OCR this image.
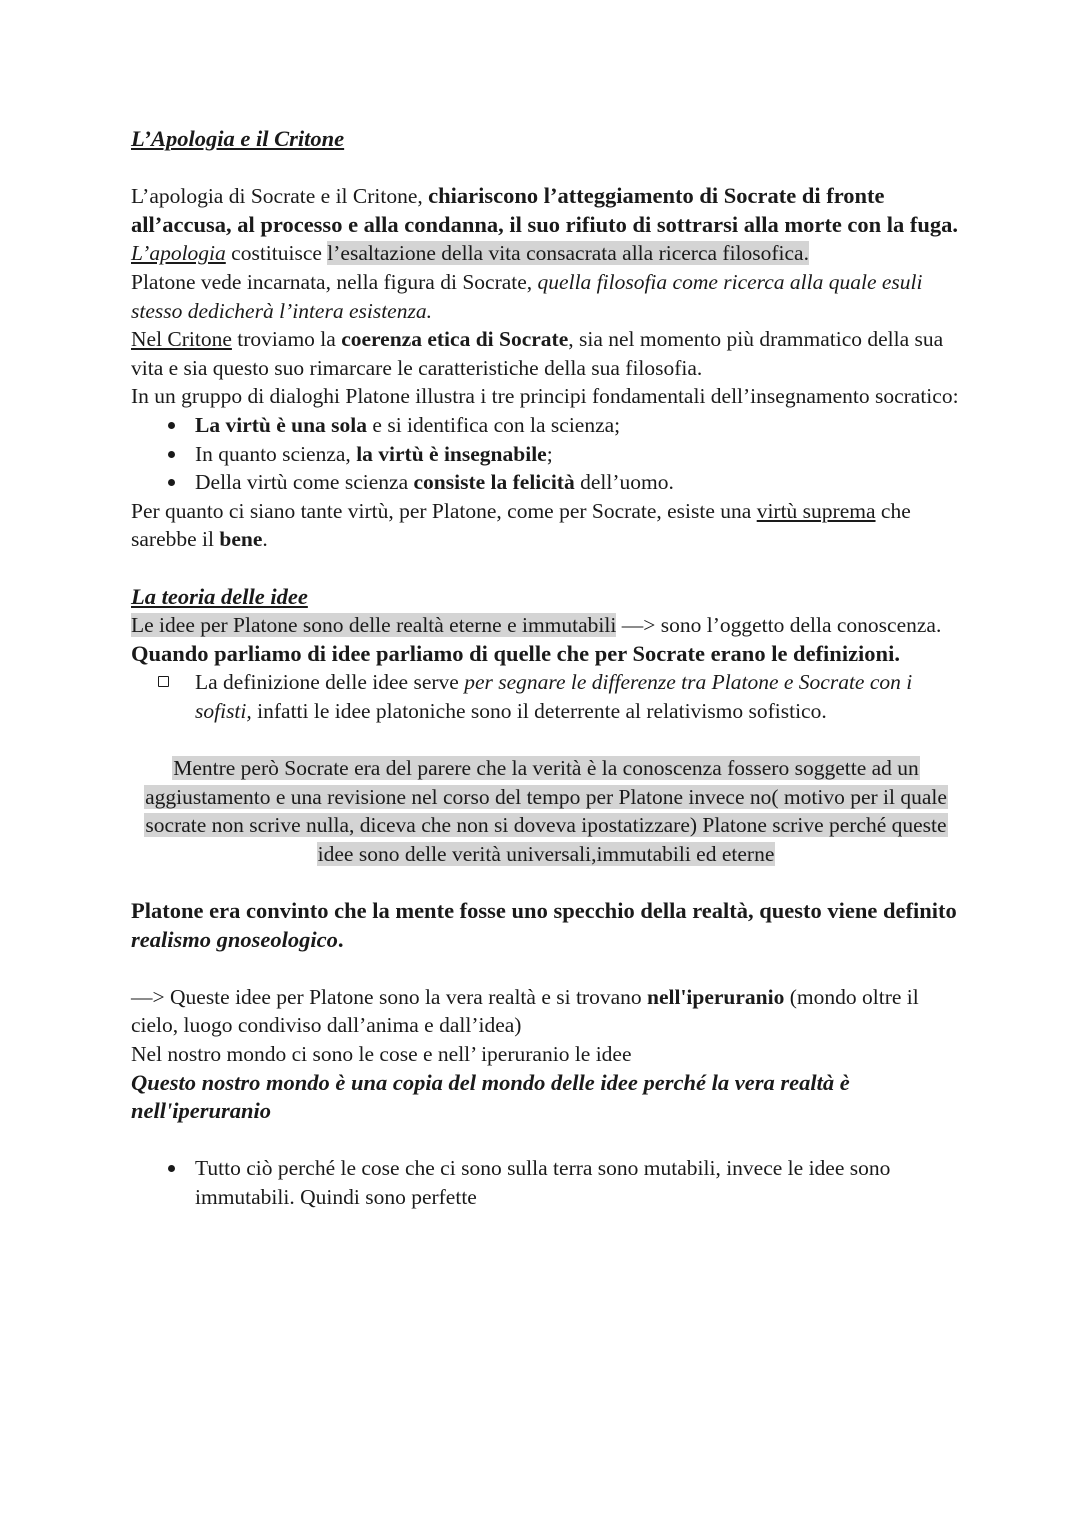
L’Apologia e il Critone

L’apologia di Socrate e il Critone, chiariscono l’atteggiamento di Socrate di fronte all’accusa, al processo e alla condanna, il suo rifiuto di sottrarsi alla morte con la fuga.

L’apologia costituisce l’esaltazione della vita consacrata alla ricerca filosofica.

Platone vede incarnata, nella figura di Socrate, quella filosofia come ricerca alla quale esuli stesso dedicherà l’intera esistenza.

Nel Critone troviamo la coerenza etica di Socrate, sia nel momento più drammatico della sua vita e sia questo suo rimarcare le caratteristiche della sua filosofia.

In un gruppo di dialoghi Platone illustra i tre principi fondamentali dell’insegnamento socratico:

La virtù è una sola e si identifica con la scienza;
In quanto scienza, la virtù è insegnabile;
Della virtù come scienza consiste la felicità dell’uomo.

Per quanto ci siano tante virtù, per Platone, come per Socrate, esiste una virtù suprema che sarebbe il bene.

La teoria delle idee

Le idee per Platone sono delle realtà eterne e immutabili —> sono l’oggetto della conoscenza.

Quando parliamo di idee parliamo di quelle che per Socrate erano le definizioni.

La definizione delle idee serve per segnare le differenze tra Platone e Socrate con i sofisti, infatti le idee platoniche sono il deterrente al relativismo sofistico.

Mentre però Socrate era del parere che la verità è la conoscenza fossero soggette ad un aggiustamento e una revisione nel corso del tempo per Platone invece no( motivo per il quale socrate non scrive nulla, diceva che non si doveva ipostatizzare) Platone scrive perché queste idee sono delle verità universali,immutabili ed eterne

Platone era convinto che la mente fosse uno specchio della realtà, questo viene definito realismo gnoseologico.

—> Queste idee per Platone sono la vera realtà e si trovano nell'iperuranio (mondo oltre il cielo, luogo condiviso dall’anima e dall’idea)

Nel nostro mondo ci sono le cose e nell’ iperuranio le idee

Questo nostro mondo è una copia del mondo delle idee perché la vera realtà è nell'iperuranio

Tutto ciò perché le cose che ci sono sulla terra sono mutabili, invece le idee sono immutabili. Quindi sono perfette
